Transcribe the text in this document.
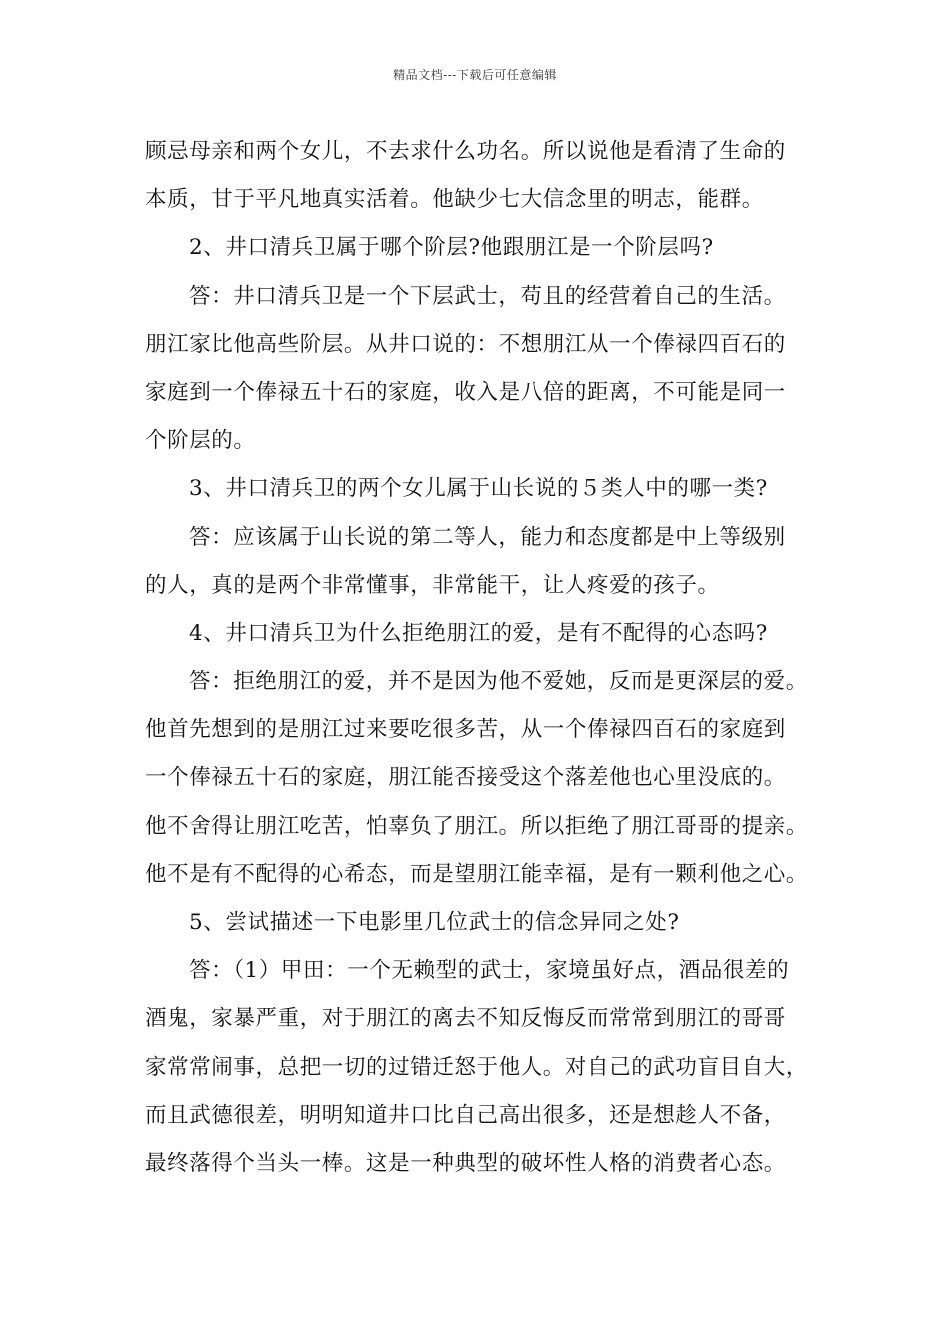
精品文档---下载后可任意编辑
顾忌母亲和两个女儿，不去求什么功名。所以说他是看清了生命的
本质，甘于平凡地真实活着。他缺少七大信念里的明志，能群。
2、井口清兵卫属于哪个阶层?他跟朋江是一个阶层吗?
答：井口清兵卫是一个下层武士，苟且的经营着自己的生活。
朋江家比他高些阶层。从井口说的：不想朋江从一个俸禄四百石的
家庭到一个俸禄五十石的家庭，收入是八倍的距离，不可能是同一
个阶层的。
3、井口清兵卫的两个女儿属于山长说的５类人中的哪一类?
答：应该属于山长说的第二等人，能力和态度都是中上等级别
的人，真的是两个非常懂事，非常能干，让人疼爱的孩子。
4、井口清兵卫为什么拒绝朋江的爱，是有不配得的心态吗?
答：拒绝朋江的爱，并不是因为他不爱她，反而是更深层的爱。
他首先想到的是朋江过来要吃很多苦，从一个俸禄四百石的家庭到
一个俸禄五十石的家庭，朋江能否接受这个落差他也心里没底的。
他不舍得让朋江吃苦，怕辜负了朋江。所以拒绝了朋江哥哥的提亲。
他不是有不配得的心希态，而是望朋江能幸福，是有一颗利他之心。
5、尝试描述一下电影里几位武士的信念异同之处?
答：（1）甲田：一个无赖型的武士，家境虽好点，酒品很差的
酒鬼，家暴严重，对于朋江的离去不知反悔反而常常到朋江的哥哥
家常常闹事，总把一切的过错迁怒于他人。对自己的武功盲目自大，
而且武德很差，明明知道井口比自己高出很多，还是想趁人不备，
最终落得个当头一棒。这是一种典型的破坏性人格的消费者心态。
